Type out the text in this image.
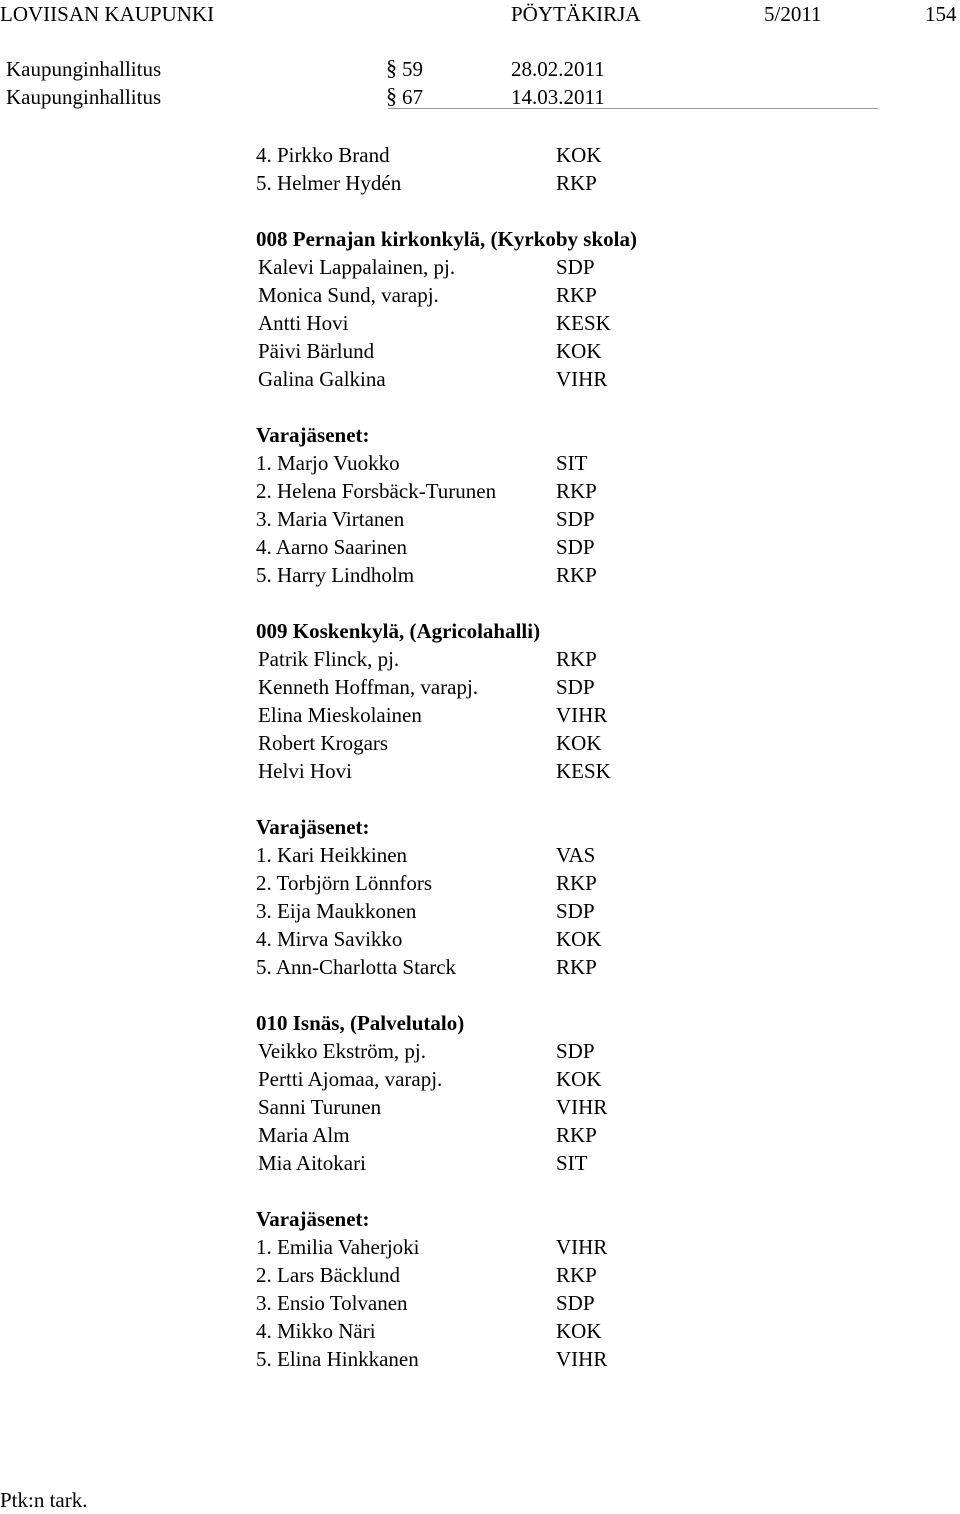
LOVIISAN KAUPUNKI	PÖYTÄKIRJA	5/2011	154
Kaupunginhallitus	§ 59	28.02.2011
Kaupunginhallitus	§ 67	14.03.2011
4. Pirkko Brand	KOK
5. Helmer Hydén	RKP
008 Pernajan kirkonkylä, (Kyrkoby skola)
Kalevi Lappalainen, pj.	SDP
Monica Sund, varapj.	RKP
Antti Hovi	KESK
Päivi Bärlund	KOK
Galina Galkina	VIHR
Varajäsenet:
1. Marjo Vuokko	SIT
2. Helena Forsbäck-Turunen	RKP
3. Maria Virtanen	SDP
4. Aarno Saarinen	SDP
5. Harry Lindholm	RKP
009 Koskenkylä, (Agricolahalli)
Patrik Flinck, pj.	RKP
Kenneth Hoffman, varapj.	SDP
Elina Mieskolainen	VIHR
Robert Krogars	KOK
Helvi Hovi	KESK
Varajäsenet:
1. Kari Heikkinen	VAS
2. Torbjörn Lönnfors	RKP
3. Eija Maukkonen	SDP
4. Mirva Savikko	KOK
5. Ann-Charlotta Starck	RKP
010 Isnäs, (Palvelutalo)
Veikko Ekström, pj.	SDP
Pertti Ajomaa, varapj.	KOK
Sanni Turunen	VIHR
Maria Alm	RKP
Mia Aitokari	SIT
Varajäsenet:
1. Emilia Vaherjoki	VIHR
2. Lars Bäcklund	RKP
3. Ensio Tolvanen	SDP
4. Mikko Näri	KOK
5. Elina Hinkkanen	VIHR
Ptk:n tark.
